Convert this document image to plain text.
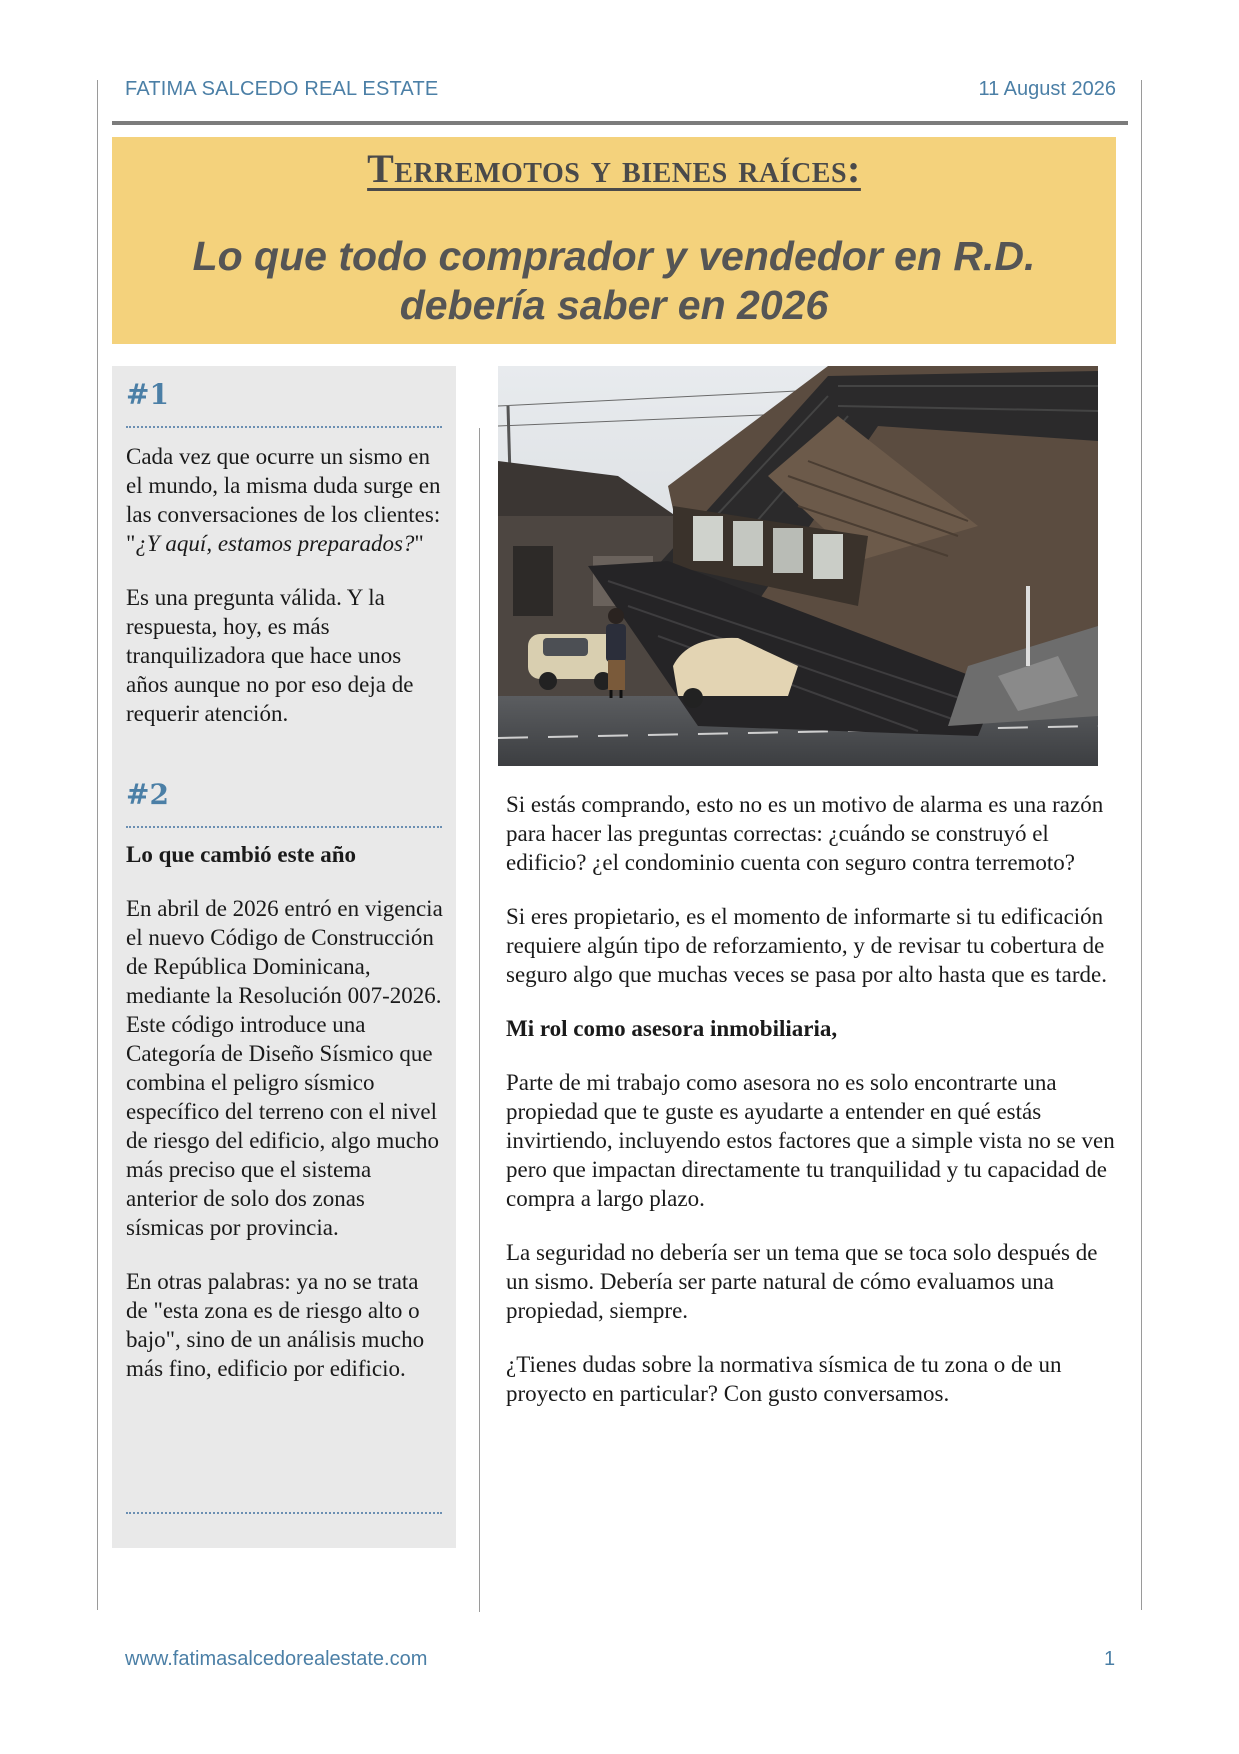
FATIMA SALCEDO REAL ESTATE	11 August 2026
Terremotos y bienes raíces:
Lo que todo comprador y vendedor en R.D.
debería saber en 2026
#1

Cada vez que ocurre un sismo en el mundo, la misma duda surge en las conversaciones de los clientes: "¿Y aquí, estamos preparados?"

Es una pregunta válida. Y la respuesta, hoy, es más tranquilizadora que hace unos años aunque no por eso deja de requerir atención.

#2

Lo que cambió este año

En abril de 2026 entró en vigencia el nuevo Código de Construcción de República Dominicana, mediante la Resolución 007-2026. Este código introduce una Categoría de Diseño Sísmico que combina el peligro sísmico específico del terreno con el nivel de riesgo del edificio, algo mucho más preciso que el sistema anterior de solo dos zonas sísmicas por provincia.

En otras palabras: ya no se trata de "esta zona es de riesgo alto o bajo", sino de un análisis mucho más fino, edificio por edificio.

Si estás comprando, esto no es un motivo de alarma es una razón para hacer las preguntas correctas: ¿cuándo se construyó el edificio? ¿el condominio cuenta con seguro contra terremoto?

Si eres propietario, es el momento de informarte si tu edificación requiere algún tipo de reforzamiento, y de revisar tu cobertura de seguro algo que muchas veces se pasa por alto hasta que es tarde.

Mi rol como asesora inmobiliaria,

Parte de mi trabajo como asesora no es solo encontrarte una propiedad que te guste es ayudarte a entender en qué estás invirtiendo, incluyendo estos factores que a simple vista no se ven pero que impactan directamente tu tranquilidad y tu capacidad de compra a largo plazo.

La seguridad no debería ser un tema que se toca solo después de un sismo. Debería ser parte natural de cómo evaluamos una propiedad, siempre.

¿Tienes dudas sobre la normativa sísmica de tu zona o de un proyecto en particular? Con gusto conversamos.

www.fatimasalcedorealestate.com	1
